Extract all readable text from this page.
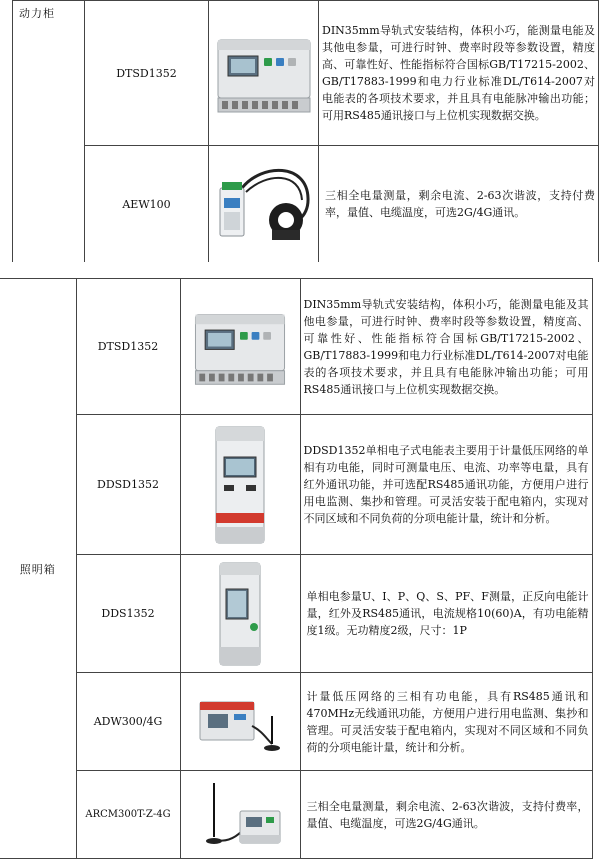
动力柜	DTSD1352		DIN35mm导轨式安装结构，体积小巧，能测量电能及其他电参量，可进行时钟、费率时段等参数设置，精度高、可靠性好、性能指标符合国标GB/T17215-2002、GB/T17883-1999和电力行业标准DL/T614-2007对电能表的各项技术要求，并且具有电能脉冲输出功能；可用RS485通讯接口与上位机实现数据交换。
	AEW100		三相全电量测量，剩余电流、2-63次谐波，支持付费率，量值、电缆温度，可选2G/4G通讯。
照明箱	DTSD1352		DIN35mm导轨式安装结构，体积小巧，能测量电能及其他电参量，可进行时钟、费率时段等参数设置，精度高、可靠性好、性能指标符合国标GB/T17215-2002、GB/T17883-1999和电力行业标准DL/T614-2007对电能表的各项技术要求，并且具有电能脉冲输出功能；可用RS485通讯接口与上位机实现数据交换。
	DDSD1352		DDSD1352单相电子式电能表主要用于计量低压网络的单相有功电能，同时可测量电压、电流、功率等电量，具有红外通讯功能，并可选配RS485通讯功能，方便用户进行用电监测、集抄和管理。可灵活安装于配电箱内，实现对不同区域和不同负荷的分项电能计量，统计和分析。
	DDS1352		单相电参量U、I、P、Q、S、PF、F测量，正反向电能计量，红外及RS485通讯，电流规格10(60)A，有功电能精度1级。无功精度2级，尺寸：1P
	ADW300/4G		计量低压网络的三相有功电能，具有RS485通讯和470MHz无线通讯功能，方便用户进行用电监测、集抄和管理。可灵活安装于配电箱内，实现对不同区域和不同负荷的分项电能计量，统计和分析。
	ARCM300T-Z-4G		三相全电量测量，剩余电流、2-63次谐波，支持付费率，量值、电缆温度，可选2G/4G通讯。
